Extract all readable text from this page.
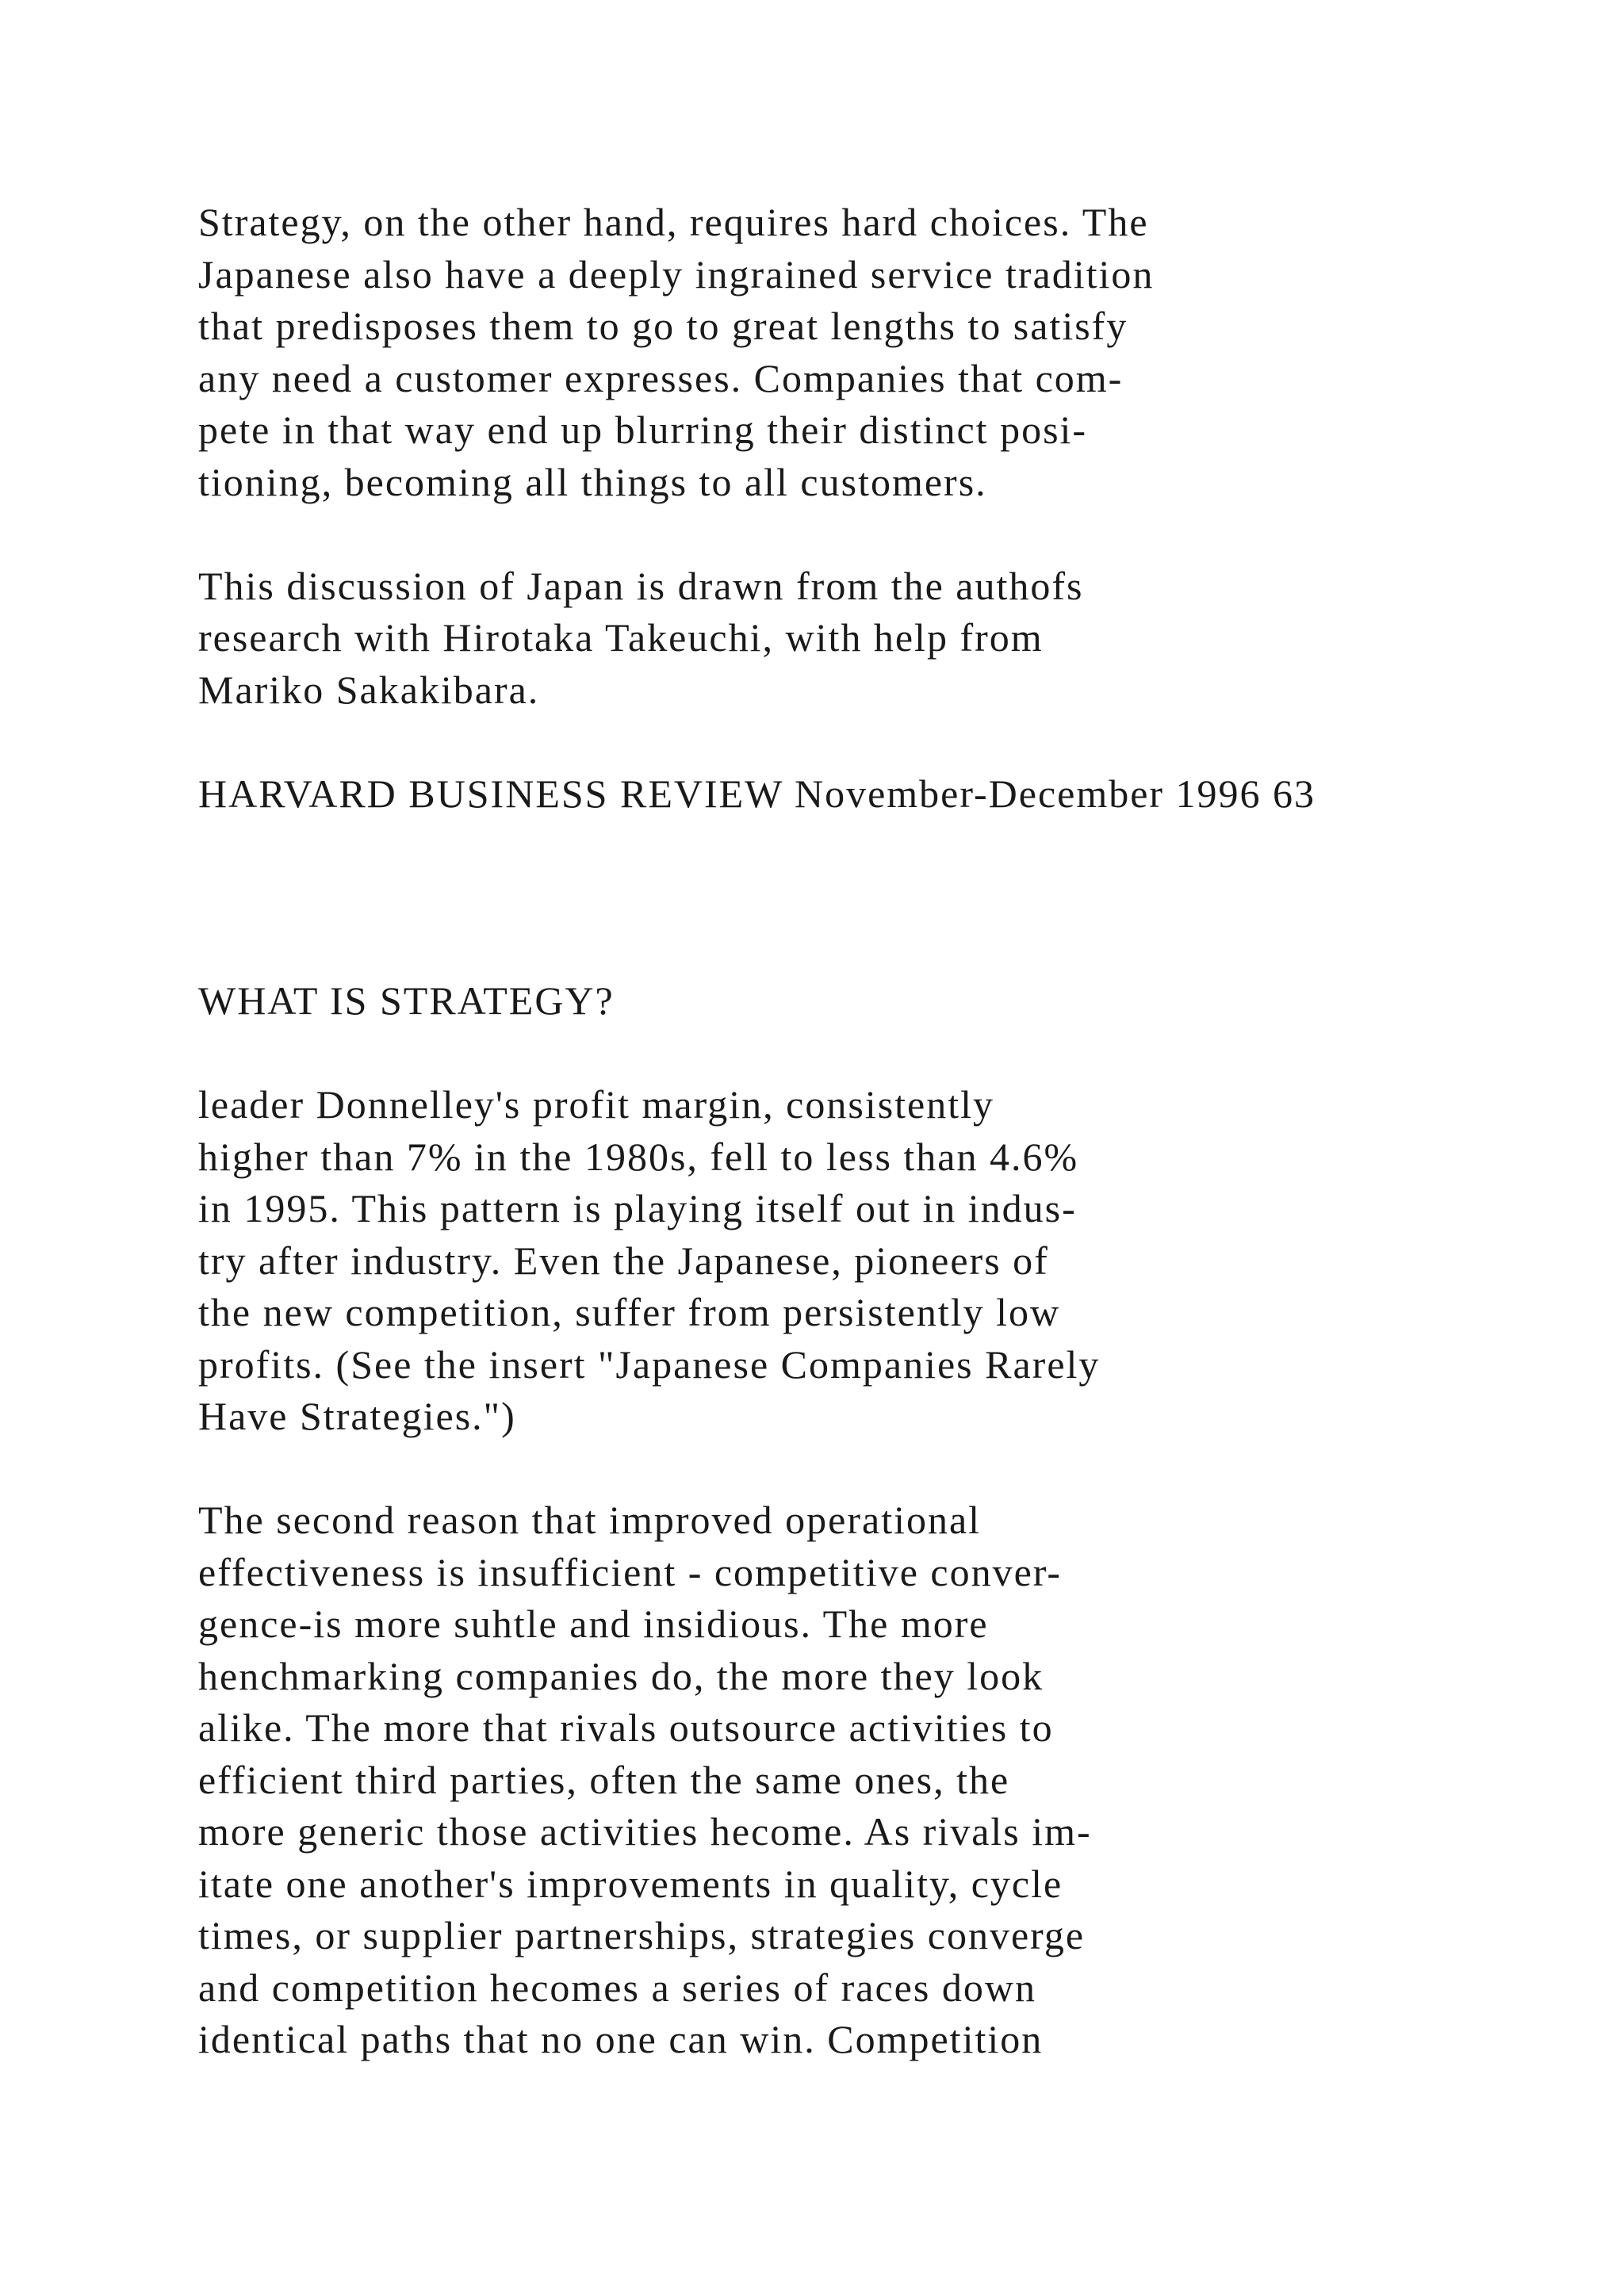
Strategy, on the other hand, requires hard choices. The
Japanese also have a deeply ingrained service tradition
that predisposes them to go to great lengths to satisfy
any need a customer expresses. Companies that com-
pete in that way end up blurring their distinct posi-
tioning, becoming all things to all customers.
This discussion of Japan is drawn from the authofs
research with Hirotaka Takeuchi, with help from
Mariko Sakakibara.
HARVARD BUSINESS REVIEW November-December 1996 63
WHAT IS STRATEGY?
leader Donnelley's profit margin, consistently
higher than 7% in the 1980s, fell to less than 4.6%
in 1995. This pattern is playing itself out in indus-
try after industry. Even the Japanese, pioneers of
the new competition, suffer from persistently low
profits. (See the insert "Japanese Companies Rarely
Have Strategies.")
The second reason that improved operational
effectiveness is insufficient - competitive conver-
gence-is more suhtle and insidious. The more
henchmarking companies do, the more they look
alike. The more that rivals outsource activities to
efficient third parties, often the same ones, the
more generic those activities hecome. As rivals im-
itate one another's improvements in quality, cycle
times, or supplier partnerships, strategies converge
and competition hecomes a series of races down
identical paths that no one can win. Competition
